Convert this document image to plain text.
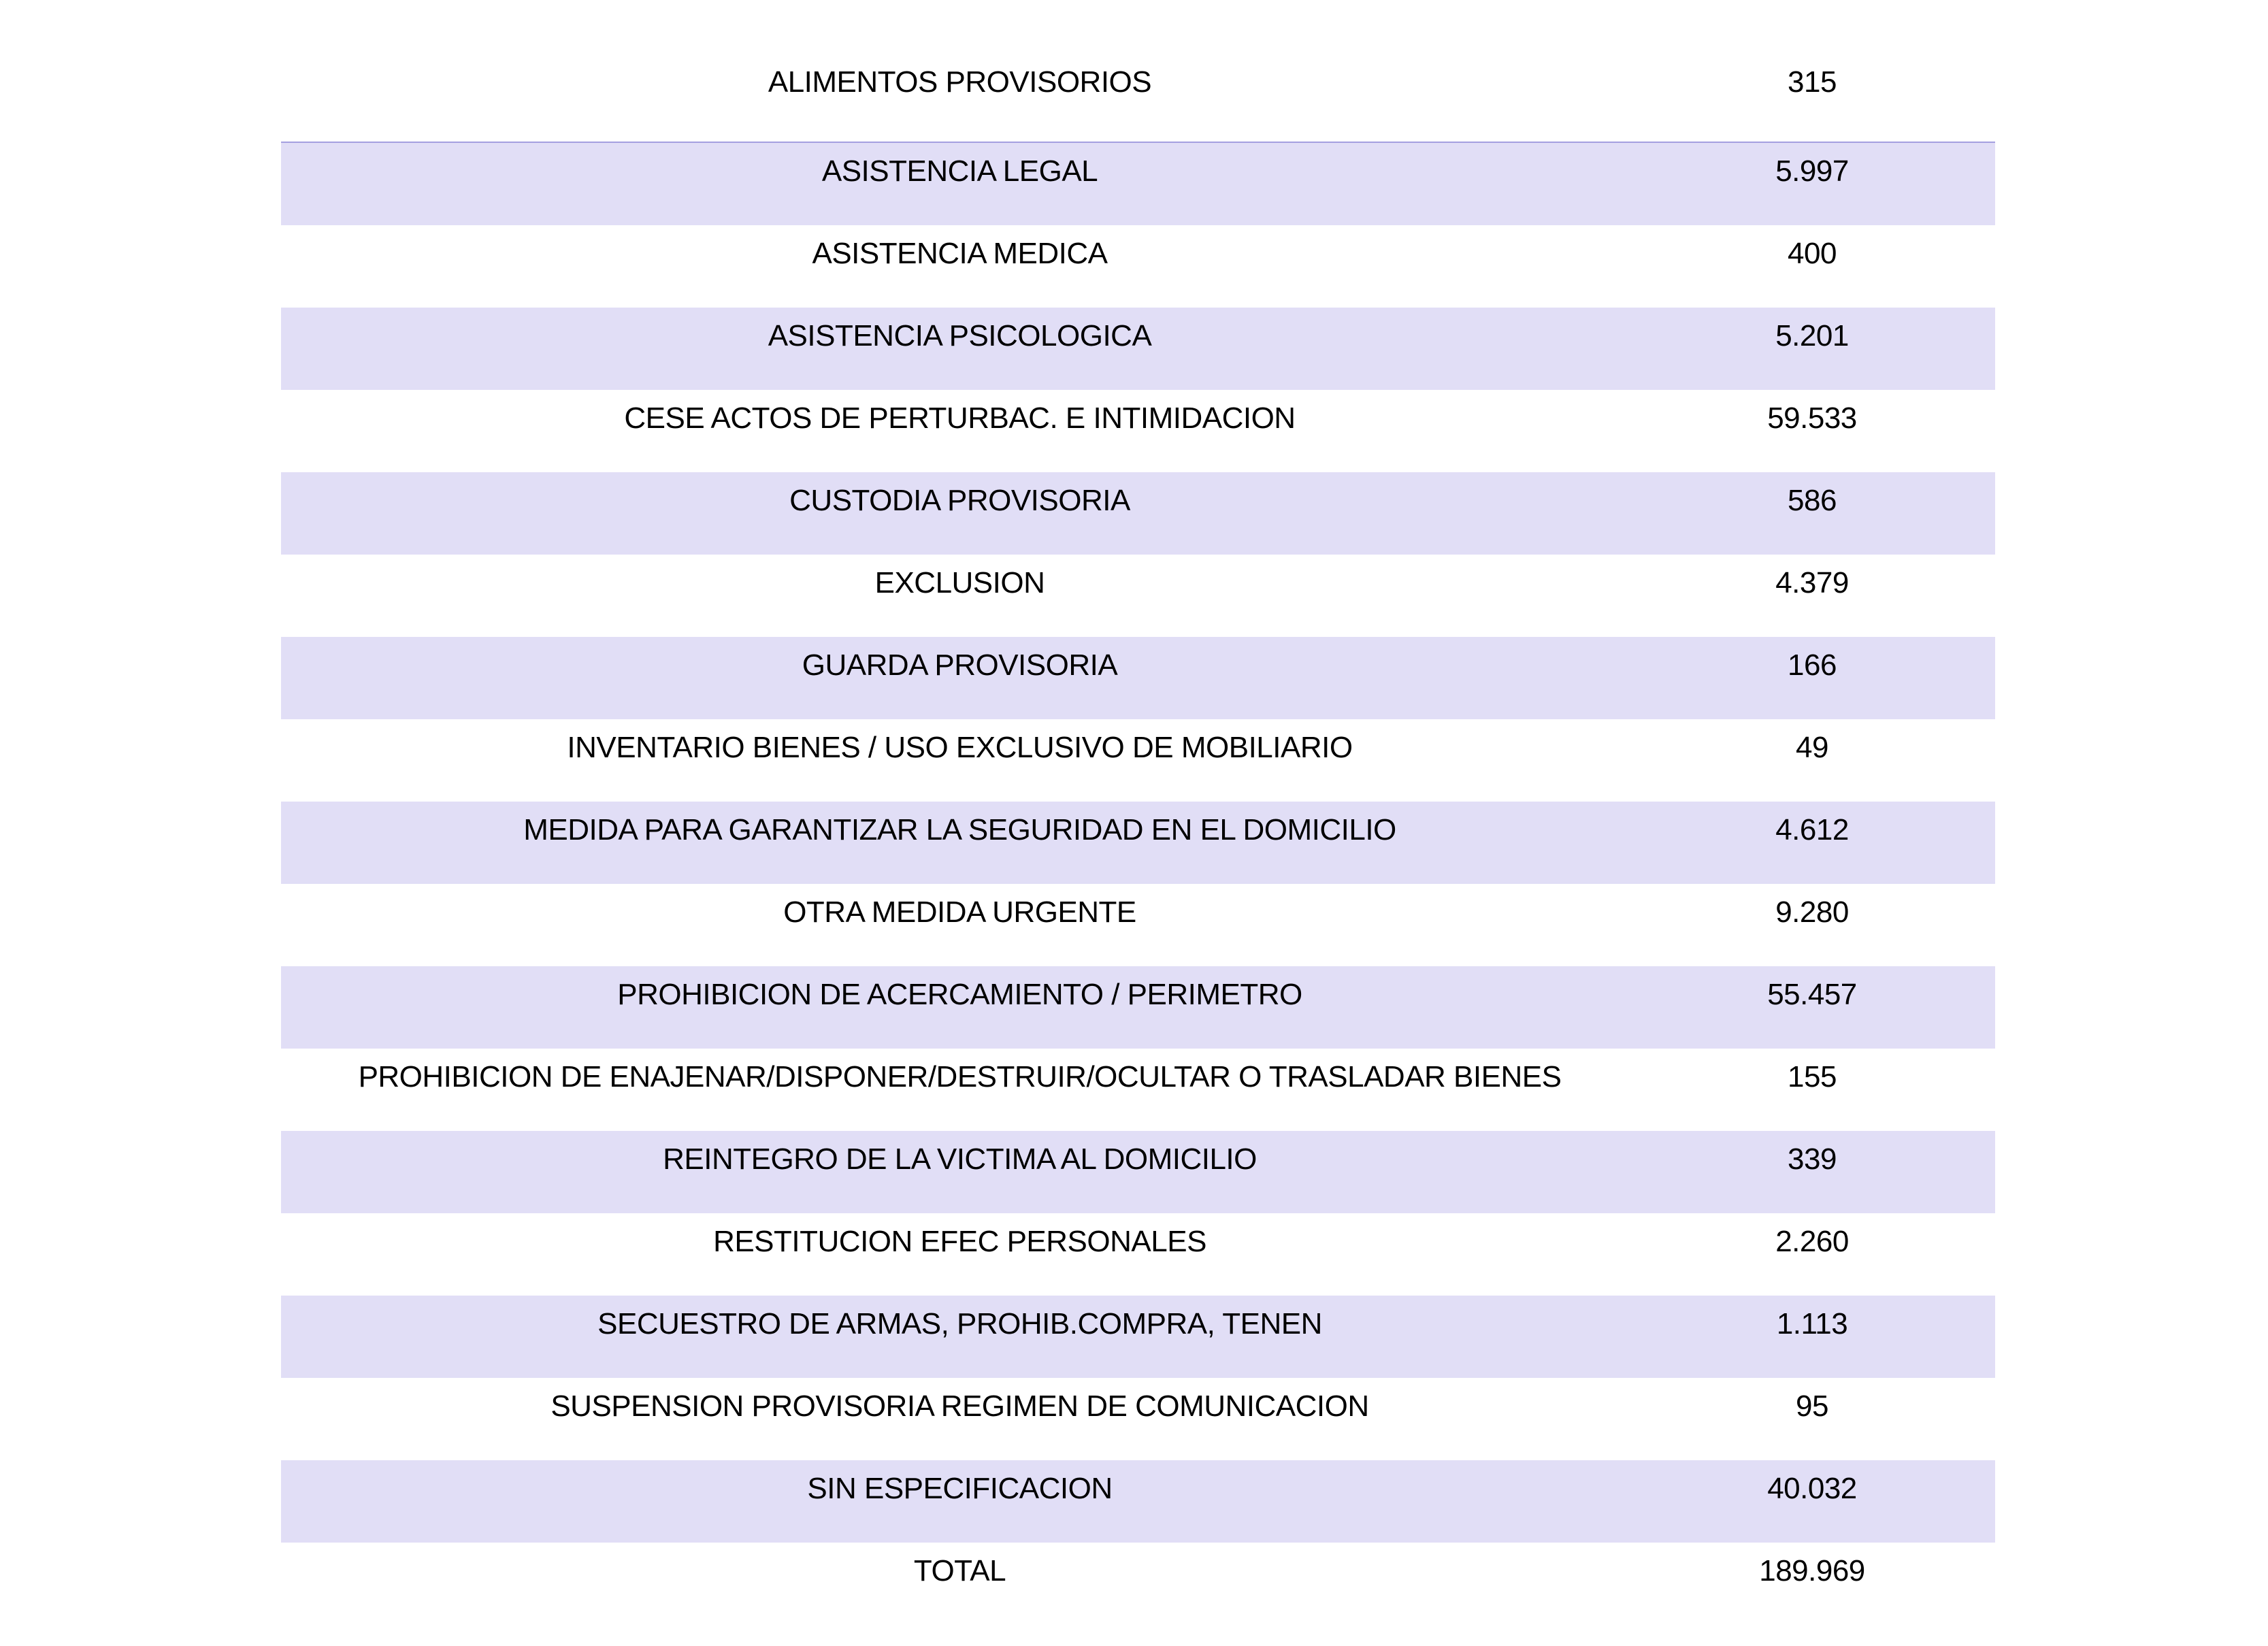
ALIMENTOS PROVISORIOS	315
ASISTENCIA LEGAL	5.997
ASISTENCIA MEDICA	400
ASISTENCIA PSICOLOGICA	5.201
CESE ACTOS DE PERTURBAC. E INTIMIDACION	59.533
CUSTODIA PROVISORIA	586
EXCLUSION	4.379
GUARDA PROVISORIA	166
INVENTARIO BIENES / USO EXCLUSIVO DE MOBILIARIO	49
MEDIDA PARA GARANTIZAR LA SEGURIDAD EN EL DOMICILIO	4.612
OTRA MEDIDA URGENTE	9.280
PROHIBICION DE ACERCAMIENTO / PERIMETRO	55.457
PROHIBICION DE ENAJENAR/DISPONER/DESTRUIR/OCULTAR O TRASLADAR BIENES	155
REINTEGRO DE LA VICTIMA AL DOMICILIO	339
RESTITUCION EFEC PERSONALES	2.260
SECUESTRO DE ARMAS, PROHIB.COMPRA, TENEN	1.113
SUSPENSION PROVISORIA REGIMEN DE COMUNICACION	95
SIN ESPECIFICACION	40.032
TOTAL	189.969
